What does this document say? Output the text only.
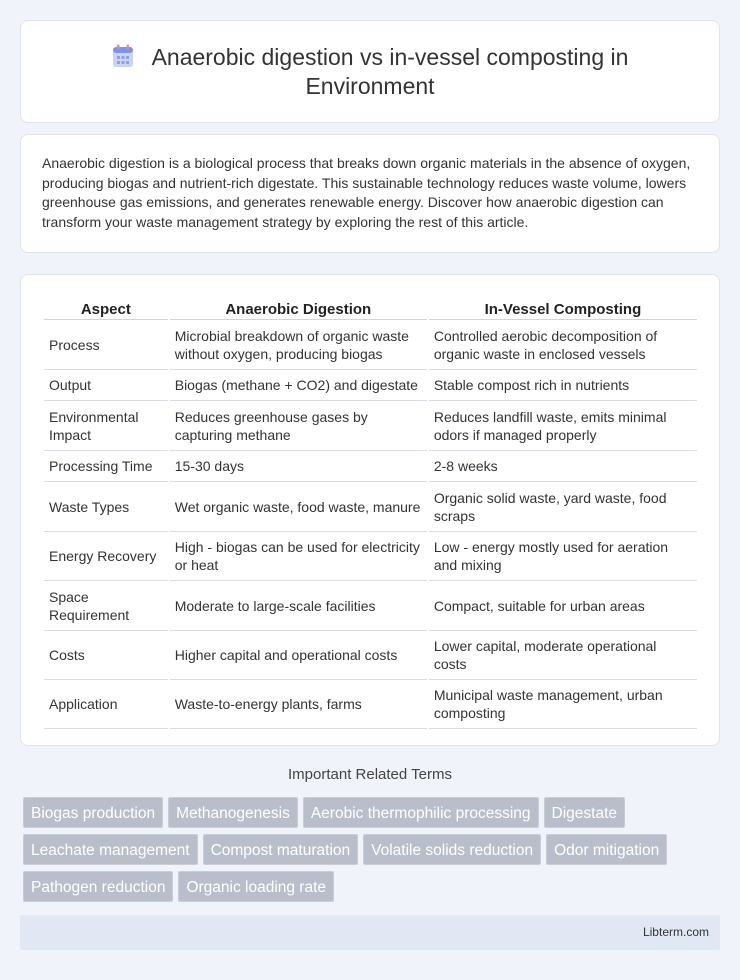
Anaerobic digestion vs in-vessel composting in Environment

Anaerobic digestion is a biological process that breaks down organic materials in the absence of oxygen, producing biogas and nutrient-rich digestate. This sustainable technology reduces waste volume, lowers greenhouse gas emissions, and generates renewable energy. Discover how anaerobic digestion can transform your waste management strategy by exploring the rest of this article.

Aspect	Anaerobic Digestion	In-Vessel Composting
Process	Microbial breakdown of organic waste without oxygen, producing biogas	Controlled aerobic decomposition of organic waste in enclosed vessels
Output	Biogas (methane + CO2) and digestate	Stable compost rich in nutrients
Environmental Impact	Reduces greenhouse gases by capturing methane	Reduces landfill waste, emits minimal odors if managed properly
Processing Time	15-30 days	2-8 weeks
Waste Types	Wet organic waste, food waste, manure	Organic solid waste, yard waste, food scraps
Energy Recovery	High - biogas can be used for electricity or heat	Low - energy mostly used for aeration and mixing
Space Requirement	Moderate to large-scale facilities	Compact, suitable for urban areas
Costs	Higher capital and operational costs	Lower capital, moderate operational costs
Application	Waste-to-energy plants, farms	Municipal waste management, urban composting
Important Related Terms
Biogas production Methanogenesis Aerobic thermophilic processing Digestate
Leachate management Compost maturation Volatile solids reduction Odor mitigation
Pathogen reduction Organic loading rate
Libterm.com
